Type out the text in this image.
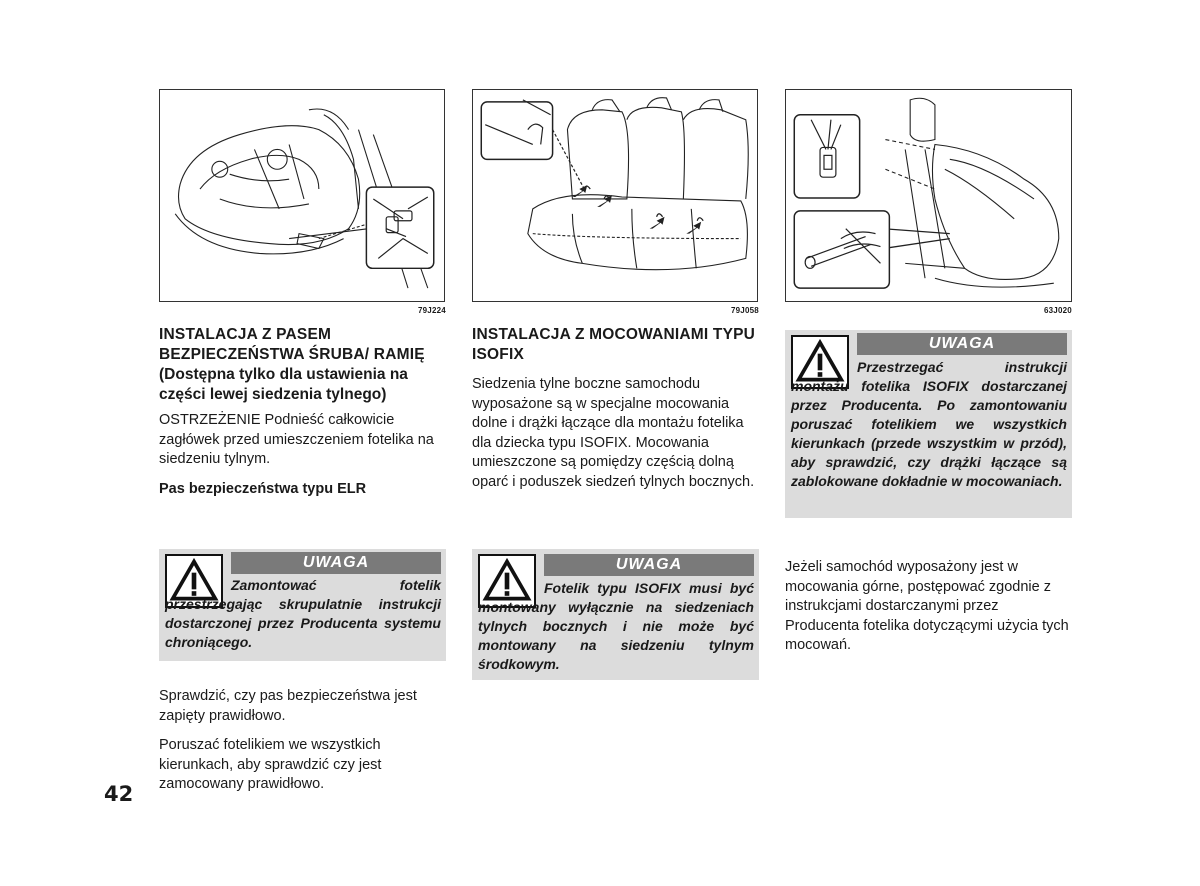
79J224	79J058	63J020
INSTALACJA Z PASEM BEZPIECZEŃSTWA ŚRUBA/ RAMIĘ
(Dostępna tylko dla ustawienia na części lewej siedzenia tylnego)

OSTRZEŻENIE Podnieść całkowicie zagłówek przed umieszczeniem fotelika na siedzeniu tylnym.

Pas bezpieczeństwa typu ELR

UWAGA
Zamontować fotelik przestrzegając skrupulatnie instrukcji dostarczonej przez Producenta systemu chroniącego.

Sprawdzić, czy pas bezpieczeństwa jest zapięty prawidłowo.

Poruszać fotelikiem we wszystkich kierunkach, aby sprawdzić czy jest zamocowany prawidłowo.

INSTALACJA Z MOCOWANIAMI TYPU ISOFIX

Siedzenia tylne boczne samochodu wyposażone są w specjalne mocowania dolne i drążki łączące dla montażu fotelika dla dziecka typu ISOFIX. Mocowania umieszczone są pomiędzy częścią dolną oparć i poduszek siedzeń tylnych bocznych.

UWAGA
Fotelik typu ISOFIX musi być montowany wyłącznie na siedzeniach tylnych bocznych i nie może być montowany na siedzeniu tylnym środkowym.
UWAGA
Przestrzegać instrukcji montażu fotelika ISOFIX dostarczanej przez Producenta. Po zamontowaniu poruszać fotelikiem we wszystkich kierunkach (przede wszystkim w przód), aby sprawdzić, czy drążki łączące są zablokowane dokładnie w mocowaniach.

Jeżeli samochód wyposażony jest w mocowania górne, postępować zgodnie z instrukcjami dostarczanymi przez Producenta fotelika dotyczącymi użycia tych mocowań.

42
